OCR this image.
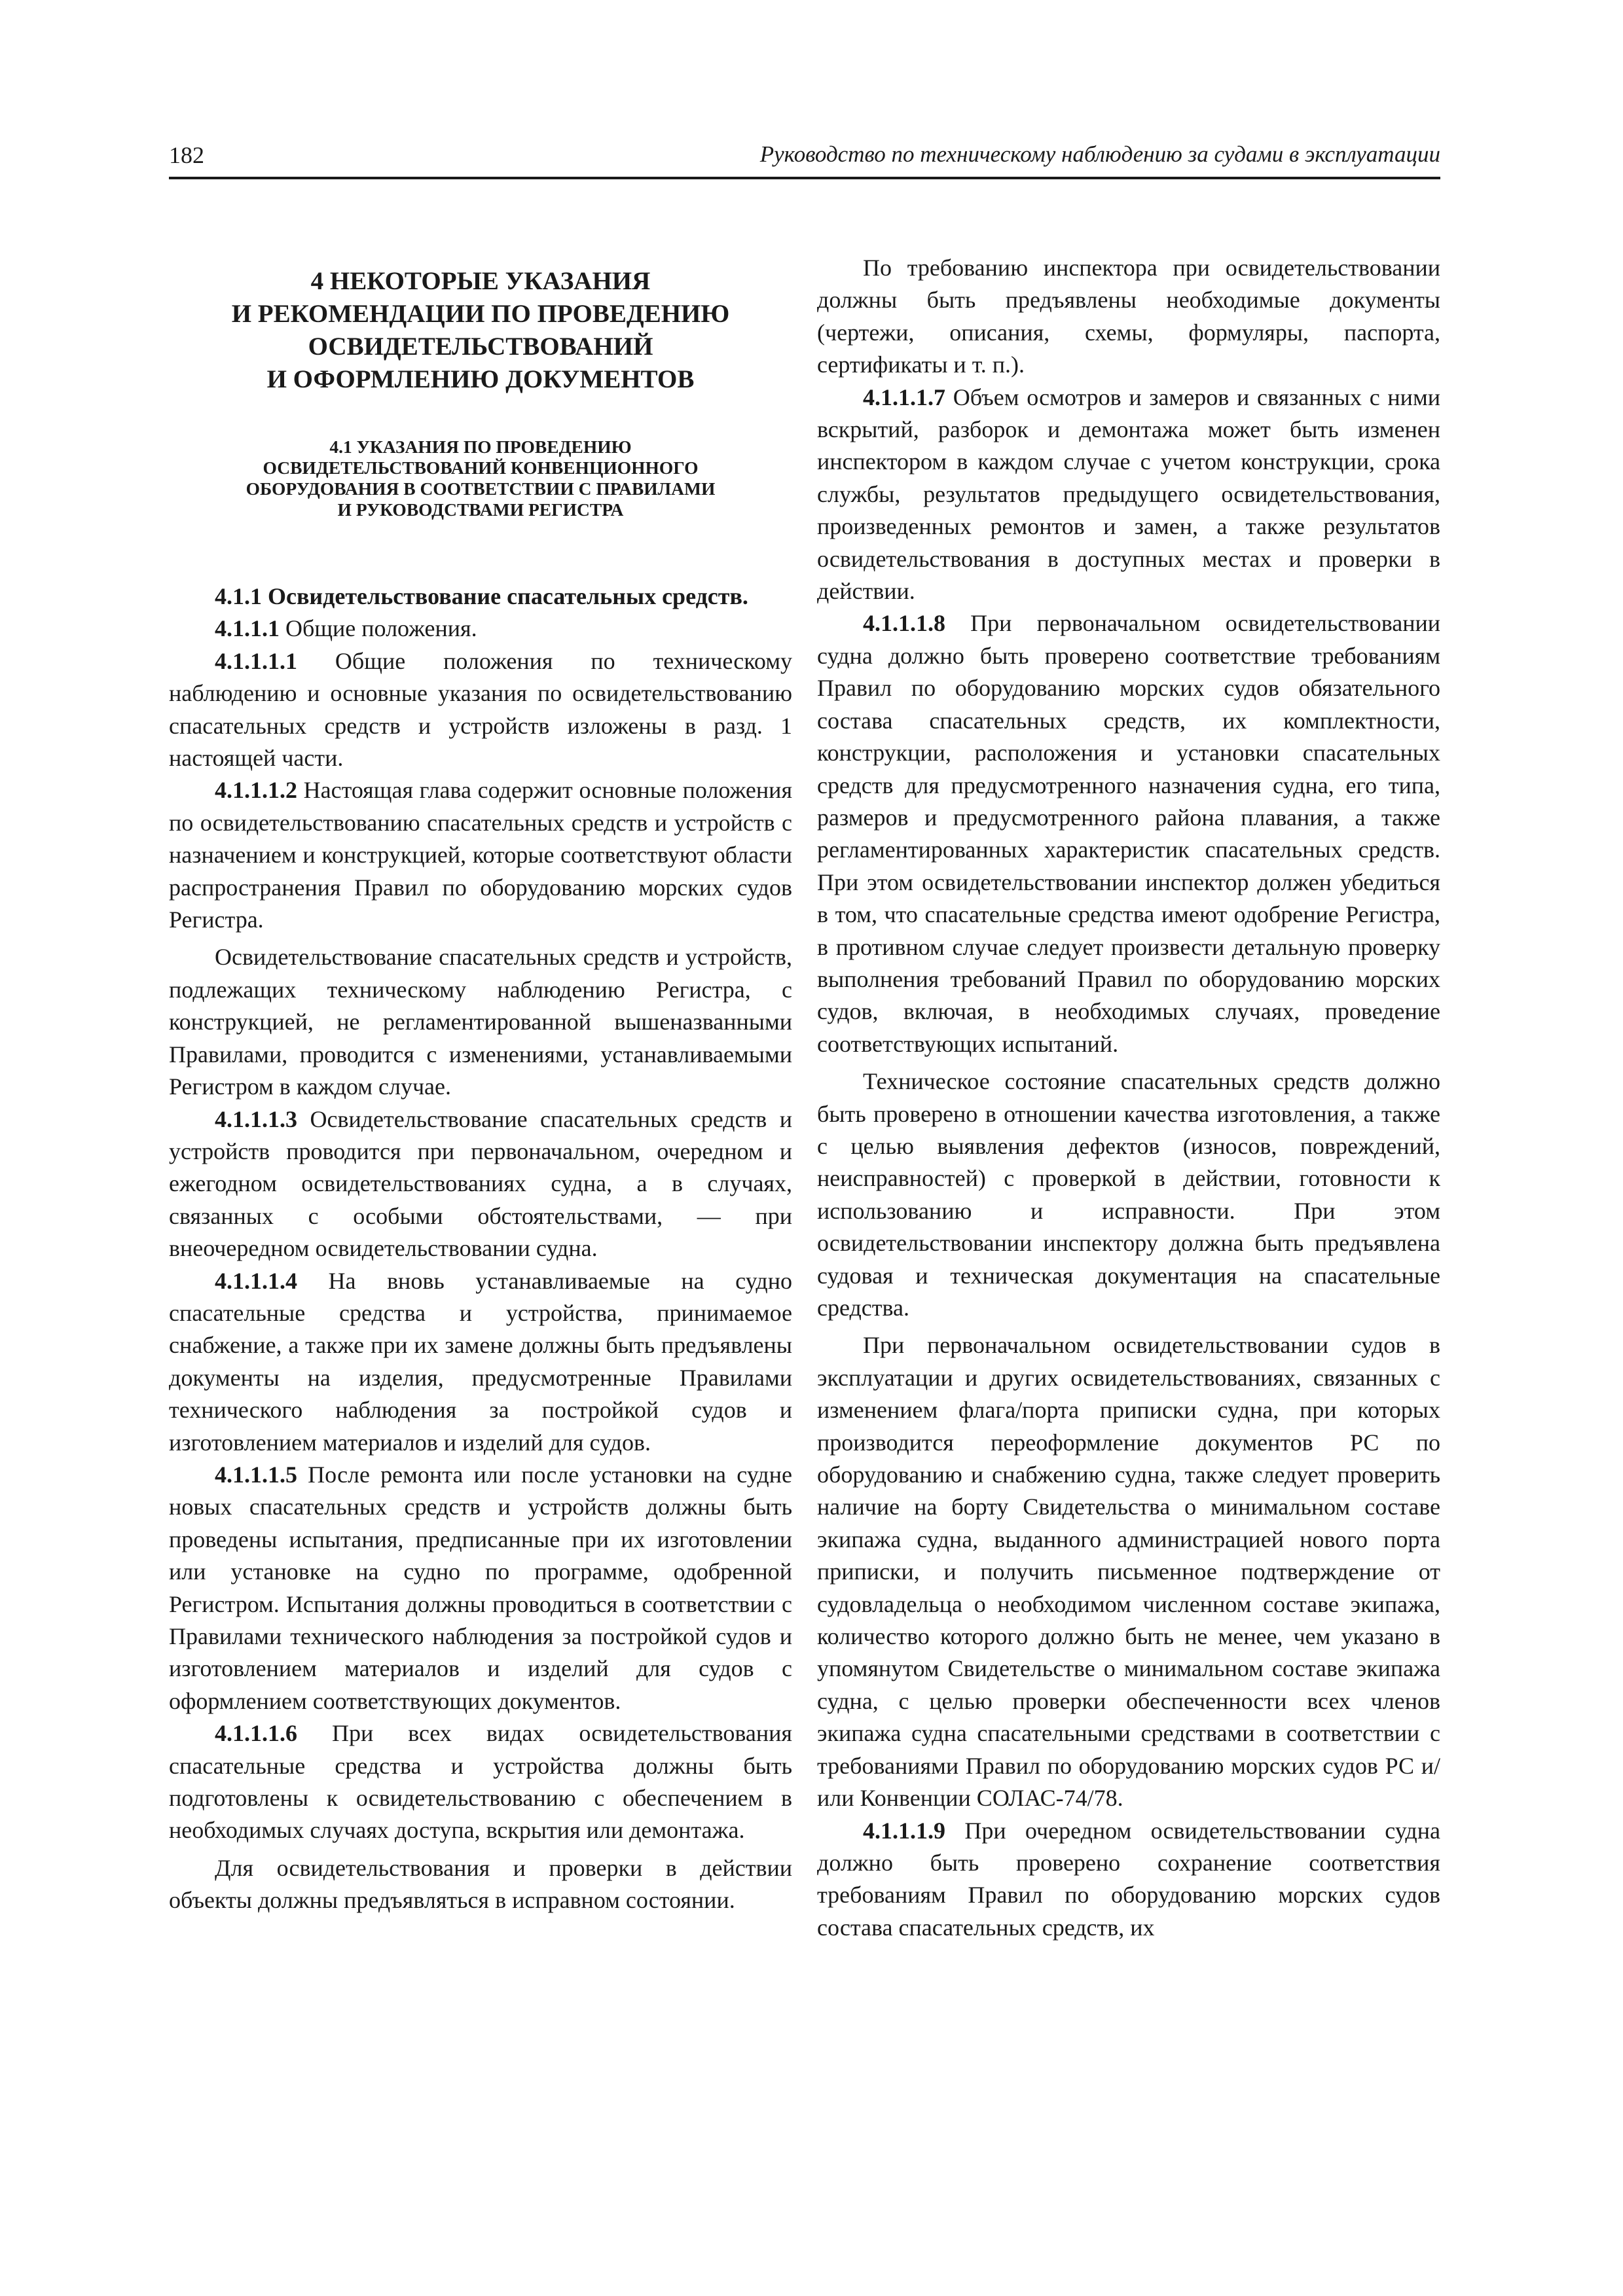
182	Руководство по техническому наблюдению за судами в эксплуатации
4 НЕКОТОРЫЕ УКАЗАНИЯ
И РЕКОМЕНДАЦИИ ПО ПРОВЕДЕНИЮ
ОСВИДЕТЕЛЬСТВОВАНИЙ
И ОФОРМЛЕНИЮ ДОКУМЕНТОВ
4.1 УКАЗАНИЯ ПО ПРОВЕДЕНИЮ
ОСВИДЕТЕЛЬСТВОВАНИЙ КОНВЕНЦИОННОГО
ОБОРУДОВАНИЯ В СООТВЕТСТВИИ С ПРАВИЛАМИ
И РУКОВОДСТВАМИ РЕГИСТРА

4.1.1 Освидетельствование спасательных средств.

4.1.1.1 Общие положения.

4.1.1.1.1 Общие положения по техническому наблюдению и основные указания по освидетельствованию спасательных средств и устройств изложены в разд. 1 настоящей части.

4.1.1.1.2 Настоящая глава содержит основные положения по освидетельствованию спасательных средств и устройств с назначением и конструкцией, которые соответствуют области распространения Правил по оборудованию морских судов Регистра.

Освидетельствование спасательных средств и устройств, подлежащих техническому наблюдению Регистра, с конструкцией, не регламентированной вышеназванными Правилами, проводится с изменениями, устанавливаемыми Регистром в каждом случае.

4.1.1.1.3 Освидетельствование спасательных средств и устройств проводится при первоначальном, очередном и ежегодном освидетельствованиях судна, а в случаях, связанных с особыми обстоятельствами, — при внеочередном освидетельствовании судна.

4.1.1.1.4 На вновь устанавливаемые на судно спасательные средства и устройства, принимаемое снабжение, а также при их замене должны быть предъявлены документы на изделия, предусмотренные Правилами технического наблюдения за постройкой судов и изготовлением материалов и изделий для судов.

4.1.1.1.5 После ремонта или после установки на судне новых спасательных средств и устройств должны быть проведены испытания, предписанные при их изготовлении или установке на судно по программе, одобренной Регистром. Испытания должны проводиться в соответствии с Правилами технического наблюдения за постройкой судов и изготовлением материалов и изделий для судов с оформлением соответствующих документов.

4.1.1.1.6 При всех видах освидетельствования спасательные средства и устройства должны быть подготовлены к освидетельствованию с обеспечением в необходимых случаях доступа, вскрытия или демонтажа.

Для освидетельствования и проверки в действии объекты должны предъявляться в исправном состоянии.

По требованию инспектора при освидетельствовании должны быть предъявлены необходимые документы (чертежи, описания, схемы, формуляры, паспорта, сертификаты и т. п.).

4.1.1.1.7 Объем осмотров и замеров и связанных с ними вскрытий, разборок и демонтажа может быть изменен инспектором в каждом случае с учетом конструкции, срока службы, результатов предыдущего освидетельствования, произведенных ремонтов и замен, а также результатов освидетельствования в доступных местах и проверки в действии.

4.1.1.1.8 При первоначальном освидетельствовании судна должно быть проверено соответствие требованиям Правил по оборудованию морских судов обязательного состава спасательных средств, их комплектности, конструкции, расположения и установки спасательных средств для предусмотренного назначения судна, его типа, размеров и предусмотренного района плавания, а также регламентированных характеристик спасательных средств. При этом освидетельствовании инспектор должен убедиться в том, что спасательные средства имеют одобрение Регистра, в противном случае следует произвести детальную проверку выполнения требований Правил по оборудованию морских судов, включая, в необходимых случаях, проведение соответствующих испытаний.

Техническое состояние спасательных средств должно быть проверено в отношении качества изготовления, а также с целью выявления дефектов (износов, повреждений, неисправностей) с проверкой в действии, готовности к использованию и исправности. При этом освидетельствовании инспектору должна быть предъявлена судовая и техническая документация на спасательные средства.

При первоначальном освидетельствовании судов в эксплуатации и других освидетельствованиях, связанных с изменением флага/порта приписки судна, при которых производится переоформление документов РС по оборудованию и снабжению судна, также следует проверить наличие на борту Свидетельства о минимальном составе экипажа судна, выданного администрацией нового порта приписки, и получить письменное подтверждение от судовладельца о необходимом численном составе экипажа, количество которого должно быть не менее, чем указано в упомянутом Свидетельстве о минимальном составе экипажа судна, с целью проверки обеспеченности всех членов экипажа судна спасательными средствами в соответствии с требованиями Правил по оборудованию морских судов РС и/или Конвенции СОЛАС-74/78.

4.1.1.1.9 При очередном освидетельствовании судна должно быть проверено сохранение соответствия требованиям Правил по оборудованию морских судов состава спасательных средств, их
